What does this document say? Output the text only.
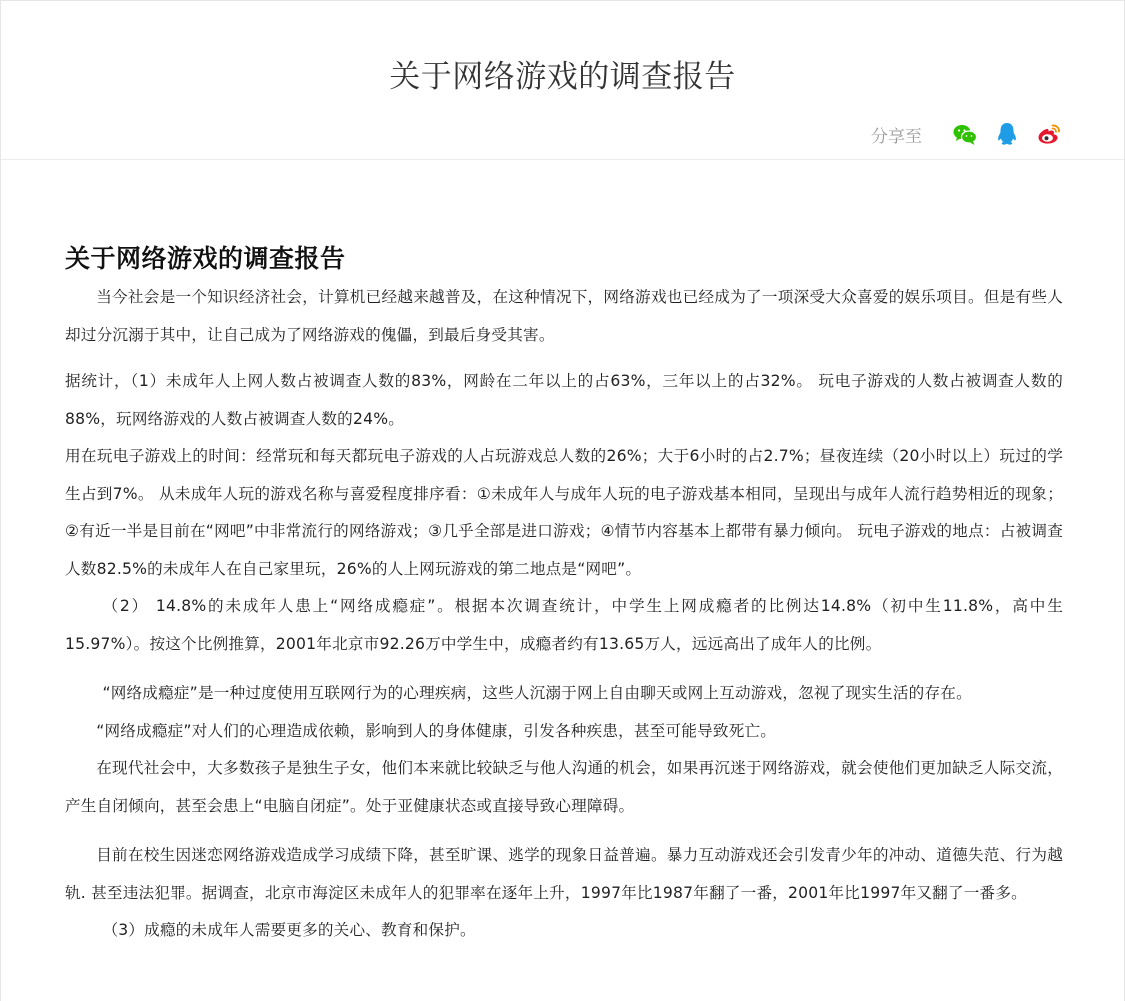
关于网络游戏的调查报告
分享至
关于网络游戏的调查报告

当今社会是一个知识经济社会，计算机已经越来越普及，在这种情况下，网络游戏也已经成为了一项深受大众喜爱的娱乐项目。但是有些人却过分沉溺于其中，让自己成为了网络游戏的傀儡，到最后身受其害。

据统计，（1）未成年人上网人数占被调查人数的83%，网龄在二年以上的占63%，三年以上的占32%。 玩电子游戏的人数占被调查人数的88%，玩网络游戏的人数占被调查人数的24%。

用在玩电子游戏上的时间：经常玩和每天都玩电子游戏的人占玩游戏总人数的26%；大于6小时的占2.7%；昼夜连续（20小时以上）玩过的学生占到7%。 从未成年人玩的游戏名称与喜爱程度排序看：①未成年人与成年人玩的电子游戏基本相同，呈现出与成年人流行趋势相近的现象；②有近一半是目前在“网吧”中非常流行的网络游戏；③几乎全部是进口游戏；④情节内容基本上都带有暴力倾向。 玩电子游戏的地点：占被调查人数82.5%的未成年人在自己家里玩，26%的人上网玩游戏的第二地点是“网吧”。

（2） 14.8%的未成年人患上“网络成瘾症”。根据本次调查统计，中学生上网成瘾者的比例达14.8%（初中生11.8%，高中生15.97%）。按这个比例推算，2001年北京市92.26万中学生中，成瘾者约有13.65万人，远远高出了成年人的比例。

“网络成瘾症”是一种过度使用互联网行为的心理疾病，这些人沉溺于网上自由聊天或网上互动游戏，忽视了现实生活的存在。

“网络成瘾症”对人们的心理造成依赖，影响到人的身体健康，引发各种疾患，甚至可能导致死亡。

在现代社会中，大多数孩子是独生子女，他们本来就比较缺乏与他人沟通的机会，如果再沉迷于网络游戏，就会使他们更加缺乏人际交流，产生自闭倾向，甚至会患上“电脑自闭症”。处于亚健康状态或直接导致心理障碍。

目前在校生因迷恋网络游戏造成学习成绩下降，甚至旷课、逃学的现象日益普遍。暴力互动游戏还会引发青少年的冲动、道德失范、行为越轨. 甚至违法犯罪。据调查，北京市海淀区未成年人的犯罪率在逐年上升，1997年比1987年翻了一番，2001年比1997年又翻了一番多。

（3）成瘾的未成年人需要更多的关心、教育和保护。
